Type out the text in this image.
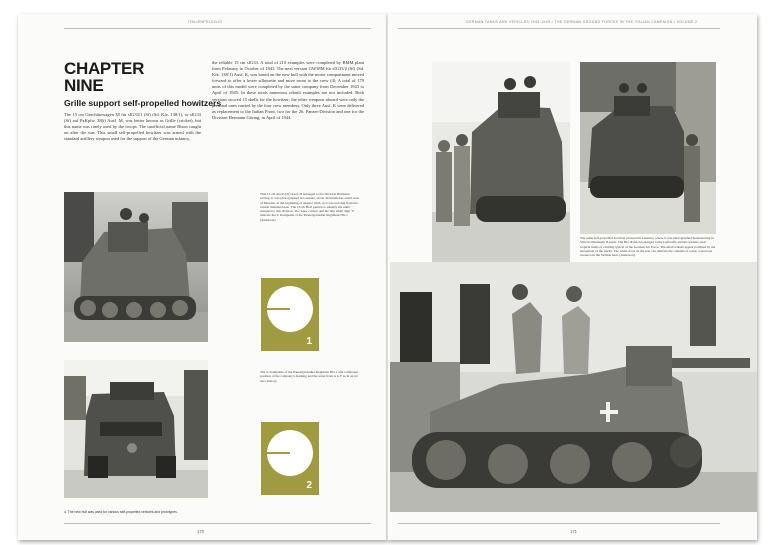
ITALIENFELDZUG
CHAPTER
NINE
Grille support self-propelled howitzers
The 15 cm Geschützwagen 38 für sIG33/1 (Sf) (Sd. Kfz. 138/1), or sIG33 (Sf) auf PzKpfw. 38(t) Ausf. M, was better known as Grille (cricket), but this name was rarely used by the troops. The unofficial name Bison caught on after the war. This small self-propelled howitzer was armed with the standard artillery weapon used for the support of the German infantry,
the reliable 15 cm sIG33. A total of 210 examples were completed by BMM plant from February to October of 1943. The next version GW38M für sIG33/2 (Sf) (Sd. Kfz. 138/1) Ausf. K, was based on the new hull with the motor compartment moved forward to offer a lower silhouette and more room to the crew (4). A total of 179 units of this model were completed by the same company from December 1943 to April of 1945. In these totals numerous rebuilt examples are not included. Both versions stowed 15 shells for the howitzer; the other weapons aboard were only the personal ones carried by the four crew members. Only three Ausf. K were delivered as replacement to the Italian Front, two for the 26. Panzer-Division and one for the Division Hermann Göring, in April of 1944.
This 15 cm sIG33 (Sf) Ausf. H belonged to the Division Hermann Göring. It was photographed in Lenzano, about 40 kilometres south-west of Messina, at the beginning of August 1943, as it was arriving from the central mainland near 'The Clock Bell' pattern to identify the units assigned to this division. The 'knee cricket' and the tiny small digit '0' indicate the 9. Kompanie of the Panzergrenadier Regiment HG.1 (Anderson)
1
The 9. Kompanie of the Panzergrenadier Regiment HG.1 and a different position of the company's marking and the letter from A to F as in an art deco history.
2
4. The new hull was used for various self-propelled vehicles and prototypes.
170
GERMAN TANKS AND VEHICLES 1943-1945 • THE GERMAN GROUND FORCES IN THE ITALIAN CAMPAIGN • VOLUME 2
The same self-propelled howitzer pictured in Lenzano, where it was photographed maneuvering in Vittorio Emanuele II street. The HG division belonged to the Luftwaffe and the soldiers wear tropical items of clothing typical of the German Air Force. The small wheels appear polished by the movement of the tracks. The white cross on the rear can indicate the contents of water, a precious resource in the Sicilian heat. (Anderson)
171
